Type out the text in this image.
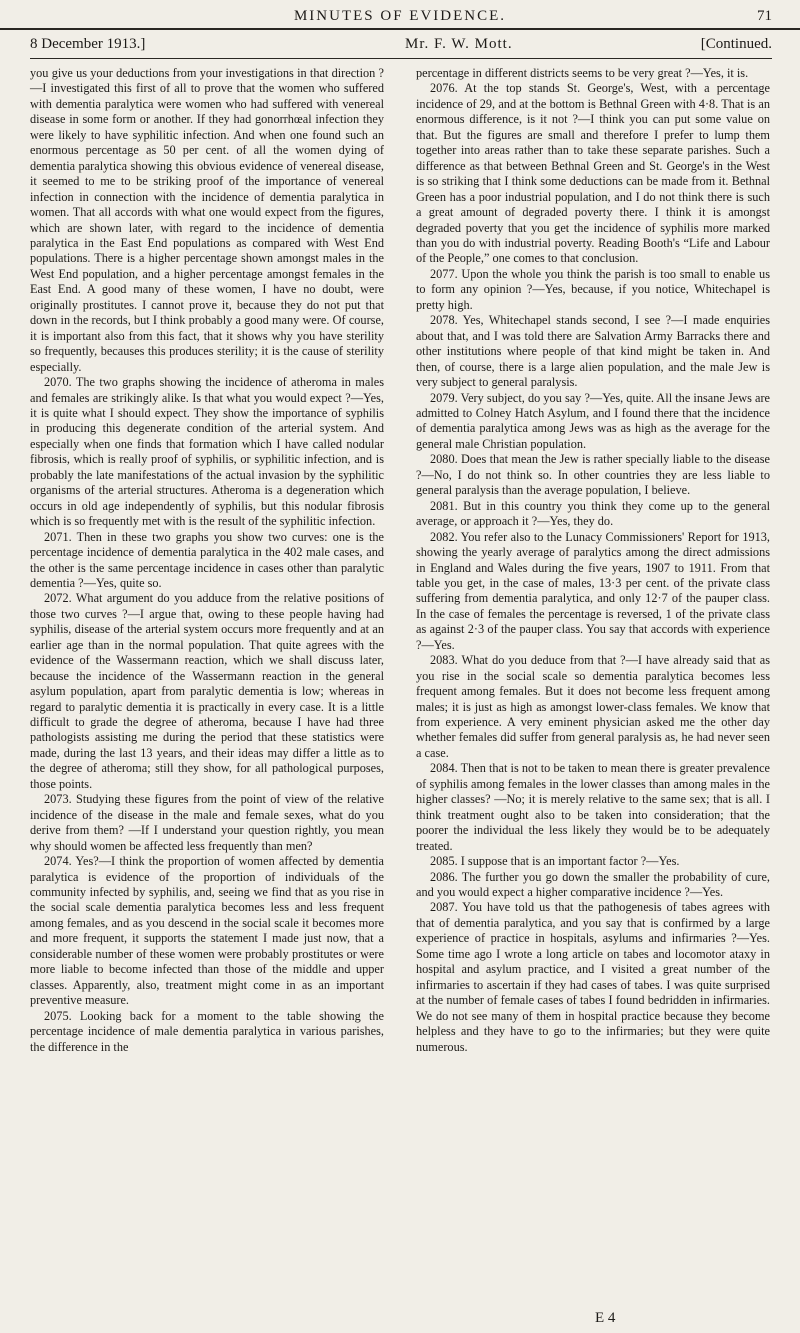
MINUTES OF EVIDENCE.	71
8 December 1913.]	Mr. F. W. Mott.	[Continued.

you give us your deductions from your investigations in that direction ?—I investigated this first of all to prove that the women who suffered with dementia paralytica were women who had suffered with venereal disease in some form or another. If they had gonorrhœal infection they were likely to have syphilitic infection. And when one found such an enormous percentage as 50 per cent. of all the women dying of dementia paralytica showing this obvious evidence of venereal disease, it seemed to me to be striking proof of the importance of venereal infection in connection with the incidence of dementia paralytica in women. That all accords with what one would expect from the figures, which are shown later, with regard to the incidence of dementia paralytica in the East End populations as compared with West End populations. There is a higher percentage shown amongst males in the West End population, and a higher percentage amongst females in the East End. A good many of these women, I have no doubt, were originally prostitutes. I cannot prove it, because they do not put that down in the records, but I think probably a good many were. Of course, it is important also from this fact, that it shows why you have sterility so frequently, becauses this produces sterility; it is the cause of sterility especially.

2070. The two graphs showing the incidence of atheroma in males and females are strikingly alike. Is that what you would expect ?—Yes, it is quite what I should expect. They show the importance of syphilis in producing this degenerate condition of the arterial system. And especially when one finds that formation which I have called nodular fibrosis, which is really proof of syphilis, or syphilitic infection, and is probably the late manifestations of the actual invasion by the syphilitic organisms of the arterial structures. Atheroma is a degeneration which occurs in old age independently of syphilis, but this nodular fibrosis which is so frequently met with is the result of the syphilitic infection.

2071. Then in these two graphs you show two curves: one is the percentage incidence of dementia paralytica in the 402 male cases, and the other is the same percentage incidence in cases other than paralytic dementia ?—Yes, quite so.

2072. What argument do you adduce from the relative positions of those two curves ?—I argue that, owing to these people having had syphilis, disease of the arterial system occurs more frequently and at an earlier age than in the normal population. That quite agrees with the evidence of the Wassermann reaction, which we shall discuss later, because the incidence of the Wassermann reaction in the general asylum population, apart from paralytic dementia is low; whereas in regard to paralytic dementia it is practically in every case. It is a little difficult to grade the degree of atheroma, because I have had three pathologists assisting me during the period that these statistics were made, during the last 13 years, and their ideas may differ a little as to the degree of atheroma; still they show, for all pathological purposes, those points.

2073. Studying these figures from the point of view of the relative incidence of the disease in the male and female sexes, what do you derive from them? —If I understand your question rightly, you mean why should women be affected less frequently than men?

2074. Yes?—I think the proportion of women affected by dementia paralytica is evidence of the proportion of individuals of the community infected by syphilis, and, seeing we find that as you rise in the social scale dementia paralytica becomes less and less frequent among females, and as you descend in the social scale it becomes more and more frequent, it supports the statement I made just now, that a considerable number of these women were probably prostitutes or were more liable to become infected than those of the middle and upper classes. Apparently, also, treatment might come in as an important preventive measure.

2075. Looking back for a moment to the table showing the percentage incidence of male dementia paralytica in various parishes, the difference in the

percentage in different districts seems to be very great ?—Yes, it is.

2076. At the top stands St. George's, West, with a percentage incidence of 29, and at the bottom is Bethnal Green with 4·8. That is an enormous difference, is it not ?—I think you can put some value on that. But the figures are small and therefore I prefer to lump them together into areas rather than to take these separate parishes. Such a difference as that between Bethnal Green and St. George's in the West is so striking that I think some deductions can be made from it. Bethnal Green has a poor industrial population, and I do not think there is such a great amount of degraded poverty there. I think it is amongst degraded poverty that you get the incidence of syphilis more marked than you do with industrial poverty. Reading Booth's “Life and Labour of the People,” one comes to that conclusion.

2077. Upon the whole you think the parish is too small to enable us to form any opinion ?—Yes, because, if you notice, Whitechapel is pretty high.

2078. Yes, Whitechapel stands second, I see ?—I made enquiries about that, and I was told there are Salvation Army Barracks there and other institutions where people of that kind might be taken in. And then, of course, there is a large alien population, and the male Jew is very subject to general paralysis.

2079. Very subject, do you say ?—Yes, quite. All the insane Jews are admitted to Colney Hatch Asylum, and I found there that the incidence of dementia paralytica among Jews was as high as the average for the general male Christian population.

2080. Does that mean the Jew is rather specially liable to the disease ?—No, I do not think so. In other countries they are less liable to general paralysis than the average population, I believe.

2081. But in this country you think they come up to the general average, or approach it ?—Yes, they do.

2082. You refer also to the Lunacy Commissioners' Report for 1913, showing the yearly average of paralytics among the direct admissions in England and Wales during the five years, 1907 to 1911. From that table you get, in the case of males, 13·3 per cent. of the private class suffering from dementia paralytica, and only 12·7 of the pauper class. In the case of females the percentage is reversed, 1 of the private class as against 2·3 of the pauper class. You say that accords with experience ?—Yes.

2083. What do you deduce from that ?—I have already said that as you rise in the social scale so dementia paralytica becomes less frequent among females. But it does not become less frequent among males; it is just as high as amongst lower-class females. We know that from experience. A very eminent physician asked me the other day whether females did suffer from general paralysis as, he had never seen a case.

2084. Then that is not to be taken to mean there is greater prevalence of syphilis among females in the lower classes than among males in the higher classes? —No; it is merely relative to the same sex; that is all. I think treatment ought also to be taken into consideration; that the poorer the individual the less likely they would be to be adequately treated.

2085. I suppose that is an important factor ?—Yes.

2086. The further you go down the smaller the probability of cure, and you would expect a higher comparative incidence ?—Yes.

2087. You have told us that the pathogenesis of tabes agrees with that of dementia paralytica, and you say that is confirmed by a large experience of practice in hospitals, asylums and infirmaries ?—Yes. Some time ago I wrote a long article on tabes and locomotor ataxy in hospital and asylum practice, and I visited a great number of the infirmaries to ascertain if they had cases of tabes. I was quite surprised at the number of female cases of tabes I found bedridden in infirmaries. We do not see many of them in hospital practice because they become helpless and they have to go to the infirmaries; but they were quite numerous.

E 4
